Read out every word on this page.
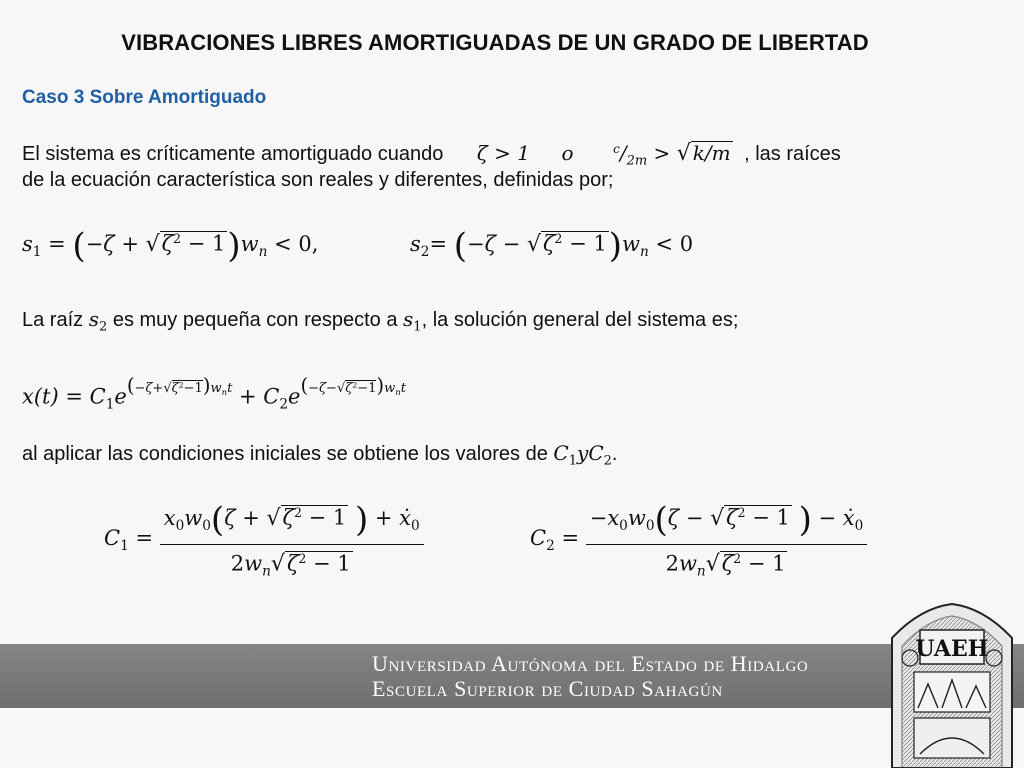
VIBRACIONES LIBRES AMORTIGUADAS DE UN GRADO DE LIBERTAD
Caso 3 Sobre Amortiguado
El sistema es críticamente amortiguado cuando ζ > 1 o	$^c/_{2m}$ > √ k/m , las raíces
de la ecuación característica son reales y diferentes, definidas por;
$s_1 = (-\zeta + √\zeta^2 - 1)w_n < 0$,	$s_2= (-\zeta - √\zeta^2 - 1)w_n < 0$
La raíz $s_2$ es muy pequeña con respecto a $s_1$, la solución general del sistema es;
$x(t) = C_1e^{(-\zeta+√\zeta^2-1)w_nt} + C_2e^{(-\zeta-√\zeta^2-1)w_nt}$
al aplicar las condiciones iniciales se obtiene los valores de $C_1yC_2$.
$C_1 = \frac{x_0w_0(\zeta + √\zeta^2 - 1 ) + ẋ_0}{2w_n√\zeta^2 - 1}$	$C_2 = \frac{-x_0w_0(\zeta - √\zeta^2 - 1 ) - ẋ_0}{2w_n√\zeta^2 - 1}$
Universidad Autónoma del Estado de Hidalgo
Escuela Superior de Ciudad Sahagún
UAEH
